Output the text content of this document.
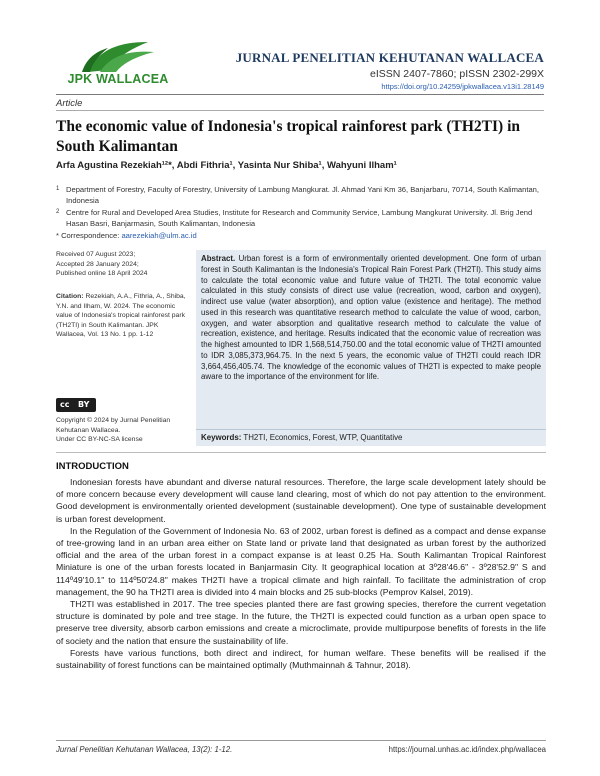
JPK WALLACEA
JURNAL PENELITIAN KEHUTANAN WALLACEA
eISSN 2407-7860; pISSN 2302-299X
https://doi.org/10.24259/jpkwallacea.v13i1.28149
Article
The economic value of Indonesia's tropical rainforest park (TH2TI) in South Kalimantan
Arfa Agustina Rezekiah¹²*, Abdi Fithria¹, Yasinta Nur Shiba¹, Wahyuni Ilham¹
1 Department of Forestry, Faculty of Forestry, University of Lambung Mangkurat. Jl. Ahmad Yani Km 36, Banjarbaru, 70714, South Kalimantan, Indonesia
2 Centre for Rural and Developed Area Studies, Institute for Research and Community Service, Lambung Mangkurat University. Jl. Brig Jend Hasan Basri, Banjarmasin, South Kalimantan, Indonesia
* Correspondence: aarezekiah@ulm.ac.id
Received 07 August 2023;
Accepted 28 January 2024;
Published online 18 April 2024
Citation: Rezekiah, A.A., Fithria, A., Shiba, Y.N. and Ilham, W. 2024. The economic value of Indonesia's tropical rainforest park (TH2TI) in South Kalimantan. JPK Wallacea, Vol. 13 No. 1 pp. 1-12
cc BY
Copyright © 2024 by Jurnal Penelitian Kehutanan Wallacea.
Under CC BY-NC-SA license
Abstract. Urban forest is a form of environmentally oriented development. One form of urban forest in South Kalimantan is the Indonesia's Tropical Rain Forest Park (TH2TI). This study aims to calculate the total economic value and future value of TH2TI. The total economic value calculated in this study consists of direct use value (recreation, wood, carbon and oxygen), indirect use value (water absorption), and option value (existence and heritage). The method used in this research was quantitative research method to calculate the value of wood, carbon, oxygen, and water absorption and qualitative research method to calculate the value of recreation, existence, and heritage. Results indicated that the economic value of recreation was the highest amounted to IDR 1,568,514,750.00 and the total economic value of TH2TI amounted to IDR 3,085,373,964.75. In the next 5 years, the economic value of TH2TI could reach IDR 3,664,456,405.74. The knowledge of the economic values of TH2TI is expected to make people aware to the importance of the environment for life.
Keywords: TH2TI, Economics, Forest, WTP, Quantitative
INTRODUCTION

Indonesian forests have abundant and diverse natural resources. Therefore, the large scale development lately should be of more concern because every development will cause land clearing, most of which do not pay attention to the environment. Good development is environmentally oriented development (sustainable development). One type of sustainable development is urban forest development.

In the Regulation of the Government of Indonesia No. 63 of 2002, urban forest is defined as a compact and dense expanse of tree-growing land in an urban area either on State land or private land that designated as urban forest by the authorized official and the area of the urban forest in a compact expanse is at least 0.25 Ha. South Kalimantan Tropical Rainforest Miniature is one of the urban forests located in Banjarmasin City. It geographical location at 3º28'46.6" - 3º28'52.9" S and 114º49'10.1" to 114º50'24.8" makes TH2TI have a tropical climate and high rainfall. To facilitate the administration of crop management, the 90 ha TH2TI area is divided into 4 main blocks and 25 sub-blocks (Pemprov Kalsel, 2019).

TH2TI was established in 2017. The tree species planted there are fast growing species, therefore the current vegetation structure is dominated by pole and tree stage. In the future, the TH2TI is expected could function as a urban open space to preserve tree diversity, absorb carbon emissions and create a microclimate, provide multipurpose benefits of forests in the life of society and the nation that ensure the sustainability of life.

Forests have various functions, both direct and indirect, for human welfare. These benefits will be realised if the sustainability of forest functions can be maintained optimally (Muthmainnah & Tahnur, 2018).

Jurnal Penelitian Kehutanan Wallacea, 13(2): 1-12.	https://journal.unhas.ac.id/index.php/wallacea
